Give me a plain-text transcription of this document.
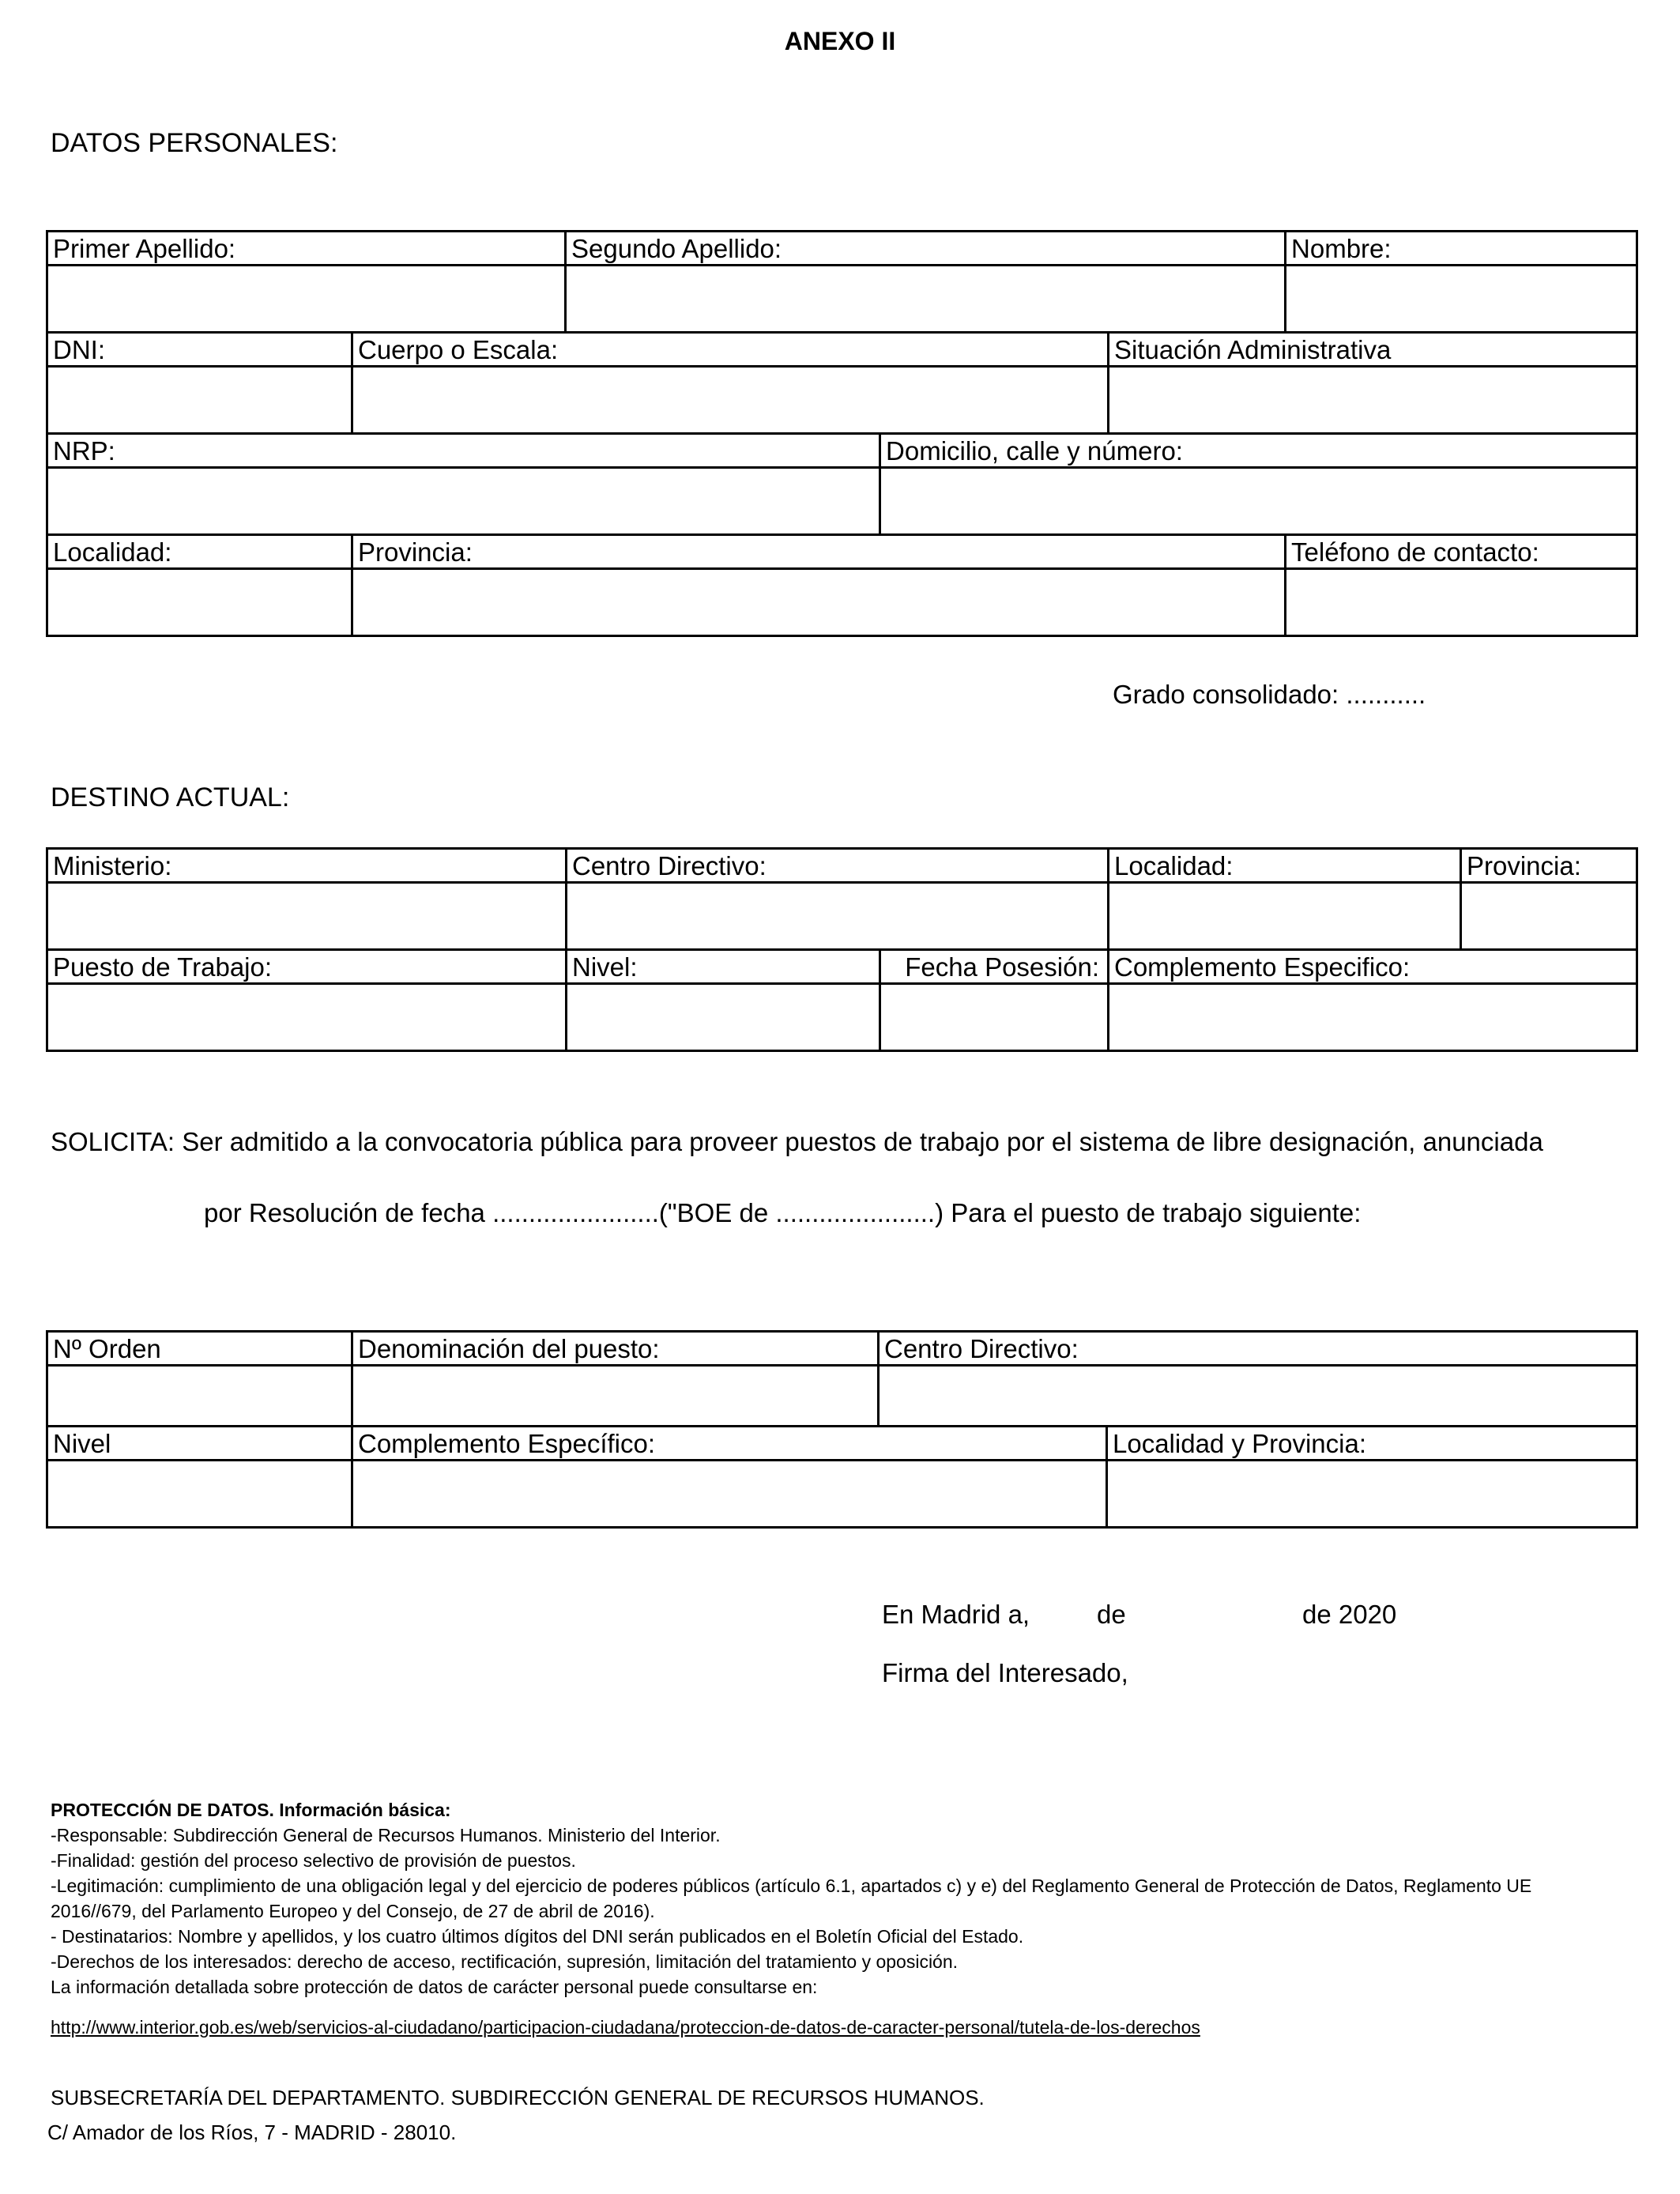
ANEXO II
DATOS PERSONALES:
Primer Apellido:		Segundo Apellido:			Nombre:

DNI:	Cuerpo o Escala:			Situación Administrativa	

NRP:			Domicilio, calle y número:		

Localidad:	Provincia:				Teléfono de contacto:

Grado consolidado: ...........
DESTINO ACTUAL:
Ministerio:	Centro Directivo:		Localidad:	Provincia:

Puesto de Trabajo:	Nivel:	Fecha Posesión:	Complemento Especifico:	

SOLICITA: Ser admitido a la convocatoria pública para proveer puestos de trabajo por el sistema de libre designación, anunciada
por Resolución de fecha .......................("BOE de ......................) Para el puesto de trabajo siguiente:
Nº Orden	Denominación del puesto:	Centro Directivo:	

Nivel	Complemento Específico:		Localidad y Provincia:

En Madrid a,	de	de 2020
Firma del Interesado,
PROTECCIÓN DE DATOS. Información básica:
-Responsable: Subdirección General de Recursos Humanos. Ministerio del Interior.
-Finalidad: gestión del proceso selectivo de provisión de puestos.
-Legitimación: cumplimiento de una obligación legal y del ejercicio de poderes públicos (artículo 6.1, apartados c) y e) del Reglamento General de Protección de Datos, Reglamento UE
2016//679, del Parlamento Europeo y del Consejo, de 27 de abril de 2016).
- Destinatarios: Nombre y apellidos, y los cuatro últimos dígitos del DNI serán publicados en el Boletín Oficial del Estado.
-Derechos de los interesados: derecho de acceso, rectificación, supresión, limitación del tratamiento y oposición.
La información detallada sobre protección de datos de carácter personal puede consultarse en:
http://www.interior.gob.es/web/servicios-al-ciudadano/participacion-ciudadana/proteccion-de-datos-de-caracter-personal/tutela-de-los-derechos
SUBSECRETARÍA DEL DEPARTAMENTO. SUBDIRECCIÓN GENERAL DE RECURSOS HUMANOS.
C/ Amador de los Ríos, 7 - MADRID - 28010.
